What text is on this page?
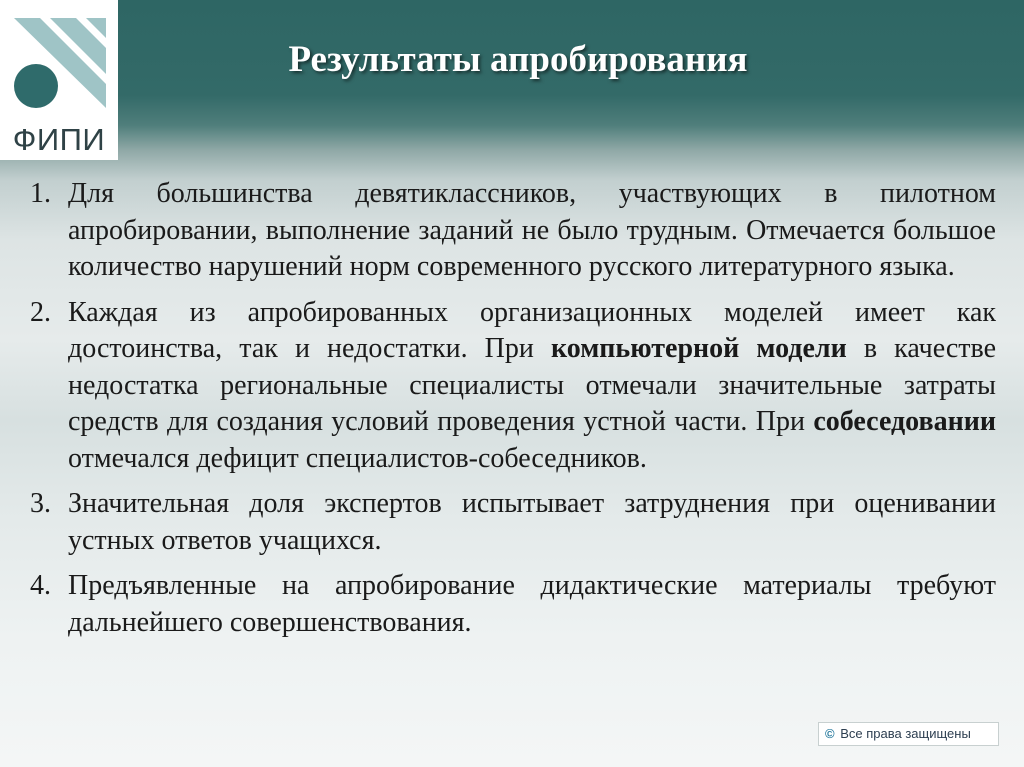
ФИПИ
Результаты апробирования
1. Для большинства девятиклассников, участвующих в пилотном апробировании, выполнение заданий не было трудным. Отмечается большое количество нарушений норм современного русского литературного языка.
2. Каждая из апробированных организационных моделей имеет как достоинства, так и недостатки. При компьютерной модели в качестве недостатка региональные специалисты отмечали значительные затраты средств для создания условий проведения устной части. При собеседовании отмечался дефицит специалистов-собеседников.
3. Значительная доля экспертов испытывает затруднения при оценивании устных ответов учащихся.
4. Предъявленные на апробирование дидактические материалы требуют дальнейшего совершенствования.
© Все права защищены
